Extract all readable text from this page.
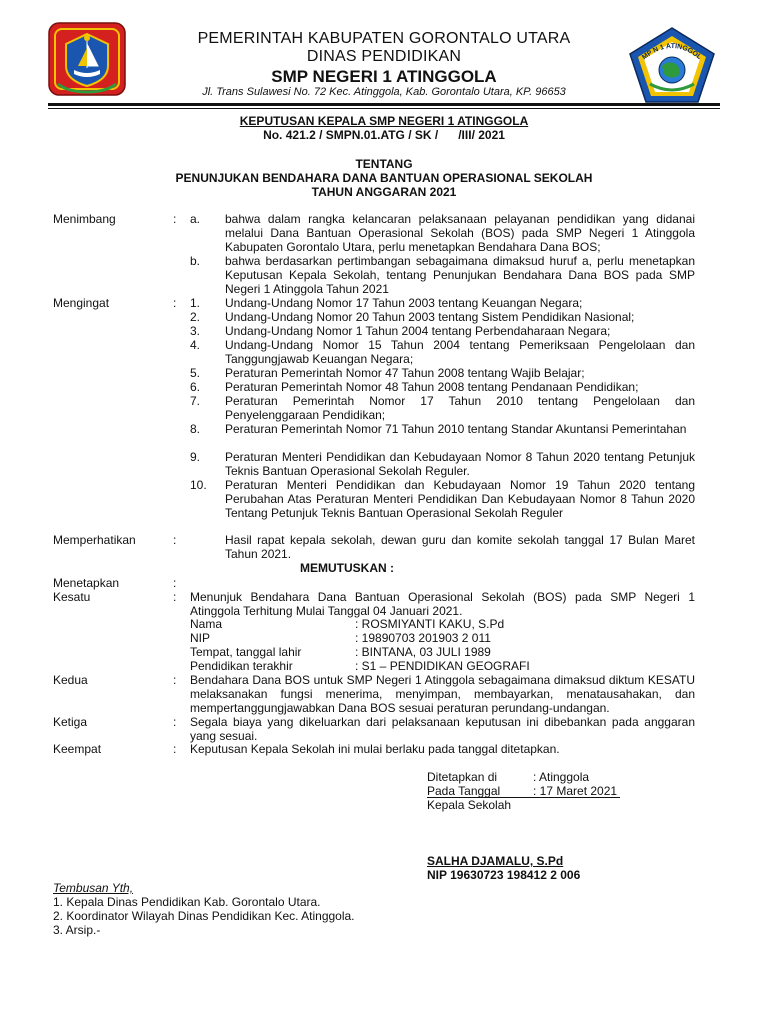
MP N 1 ATINGGOL
PEMERINTAH KABUPATEN GORONTALO UTARA
DINAS PENDIDIKAN
SMP NEGERI 1 ATINGGOLA
Jl. Trans Sulawesi No. 72 Kec. Atinggola, Kab. Gorontalo Utara, KP. 96653
KEPUTUSAN KEPALA SMP NEGERI 1 ATINGGOLA
No. 421.2 / SMPN.01.ATG / SK /      /III/ 2021
TENTANG
PENUNJUKAN BENDAHARA DANA BANTUAN OPERASIONAL SEKOLAH
TAHUN ANGGARAN 2021
Menimbang	: a. bahwa dalam rangka kelancaran pelaksanaan pelayanan pendidikan yang didanai melalui Dana Bantuan Operasional Sekolah (BOS) pada SMP Negeri 1 Atinggola Kabupaten Gorontalo Utara, perlu menetapkan Bendahara Dana BOS;
b. bahwa berdasarkan pertimbangan sebagaimana dimaksud huruf a, perlu menetapkan Keputusan Kepala Sekolah, tentang Penunjukan Bendahara Dana BOS pada SMP Negeri 1 Atinggola Tahun 2021
Mengingat	: 1. Undang-Undang Nomor 17 Tahun 2003 tentang Keuangan Negara;
2. Undang-Undang Nomor 20 Tahun 2003 tentang Sistem Pendidikan Nasional;
3. Undang-Undang Nomor 1 Tahun 2004 tentang Perbendaharaan Negara;
4. Undang-Undang Nomor 15 Tahun 2004 tentang Pemeriksaan Pengelolaan dan Tanggungjawab Keuangan Negara;
5. Peraturan Pemerintah Nomor 47 Tahun 2008 tentang Wajib Belajar;
6. Peraturan Pemerintah Nomor 48 Tahun 2008 tentang Pendanaan Pendidikan;
7. Peraturan Pemerintah Nomor 17 Tahun 2010 tentang Pengelolaan dan Penyelenggaraan Pendidikan;
8. Peraturan Pemerintah Nomor 71 Tahun 2010 tentang Standar Akuntansi Pemerintahan
9. Peraturan Menteri Pendidikan dan Kebudayaan Nomor 8 Tahun 2020 tentang Petunjuk Teknis Bantuan Operasional Sekolah Reguler.
10. Peraturan Menteri Pendidikan dan Kebudayaan Nomor 19 Tahun 2020 tentang Perubahan Atas Peraturan Menteri Pendidikan Dan Kebudayaan Nomor 8 Tahun 2020 Tentang Petunjuk Teknis Bantuan Operasional Sekolah Reguler
Memperhatikan	:	Hasil rapat kepala sekolah, dewan guru dan komite sekolah tanggal 17 Bulan Maret Tahun 2021.
MEMUTUSKAN :
Menetapkan	:
Kesatu	: Menunjuk Bendahara Dana Bantuan Operasional Sekolah (BOS) pada SMP Negeri 1 Atinggola Terhitung Mulai Tanggal 04 Januari 2021.
Nama	: ROSMIYANTI KAKU, S.Pd
NIP	: 19890703 201903 2 011
Tempat, tanggal lahir	: BINTANA, 03 JULI 1989
Pendidikan terakhir	: S1 – PENDIDIKAN GEOGRAFI
Kedua	: Bendahara Dana BOS untuk SMP Negeri 1 Atinggola sebagaimana dimaksud diktum KESATU melaksanakan fungsi menerima, menyimpan, membayarkan, menatausahakan, dan mempertanggungjawabkan Dana BOS sesuai peraturan perundang-undangan.
Ketiga	: Segala biaya yang dikeluarkan dari pelaksanaan keputusan ini dibebankan pada anggaran yang sesuai.
Keempat	: Keputusan Kepala Sekolah ini mulai berlaku pada tanggal ditetapkan.
Ditetapkan di	: Atinggola
Pada Tanggal	: 17 Maret 2021
Kepala Sekolah
SALHA DJAMALU, S.Pd
NIP 19630723 198412 2 006
Tembusan Yth,
1. Kepala Dinas Pendidikan Kab. Gorontalo Utara.
2. Koordinator Wilayah Dinas Pendidikan Kec. Atinggola.
3. Arsip.-
